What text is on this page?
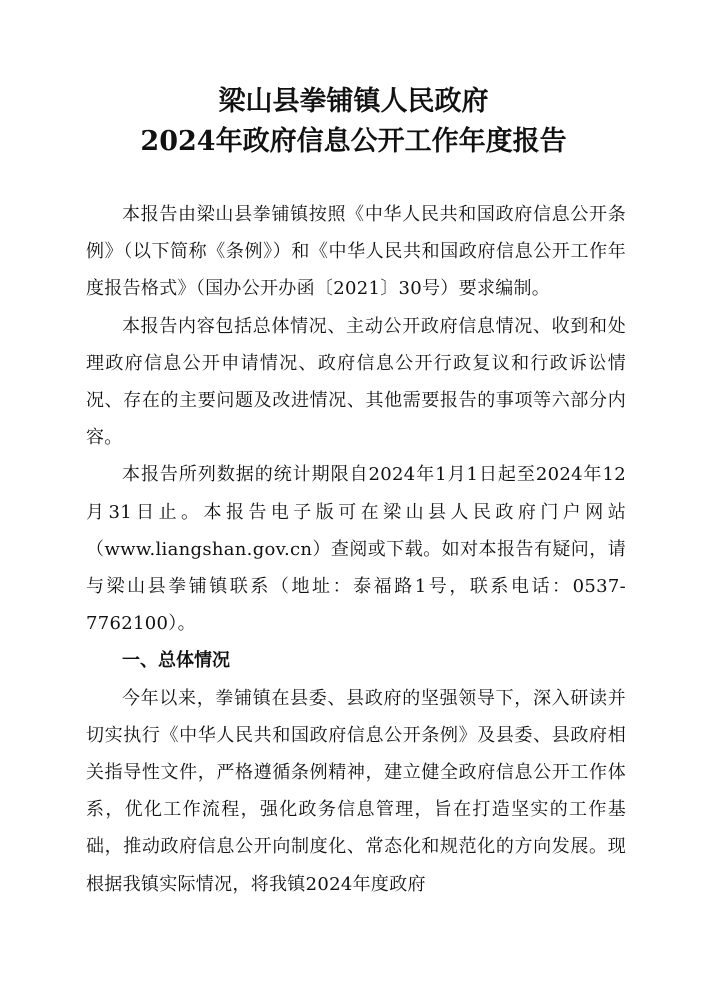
梁山县拳铺镇人民政府
2024年政府信息公开工作年度报告

本报告由梁山县拳铺镇按照《中华人民共和国政府信息公开条例》（以下简称《条例》）和《中华人民共和国政府信息公开工作年度报告格式》（国办公开办函〔2021〕30号）要求编制。

本报告内容包括总体情况、主动公开政府信息情况、收到和处理政府信息公开申请情况、政府信息公开行政复议和行政诉讼情况、存在的主要问题及改进情况、其他需要报告的事项等六部分内容。

本报告所列数据的统计期限自2024年1月1日起至2024年12月31日止。本报告电子版可在梁山县人民政府门户网站（www.liangshan.gov.cn）查阅或下载。如对本报告有疑问，请与梁山县拳铺镇联系（地址：泰福路1号，联系电话：0537-7762100）。

一、总体情况

今年以来，拳铺镇在县委、县政府的坚强领导下，深入研读并切实执行《中华人民共和国政府信息公开条例》及县委、县政府相关指导性文件，严格遵循条例精神，建立健全政府信息公开工作体系，优化工作流程，强化政务信息管理，旨在打造坚实的工作基础，推动政府信息公开向制度化、常态化和规范化的方向发展。现根据我镇实际情况，将我镇2024年度政府
